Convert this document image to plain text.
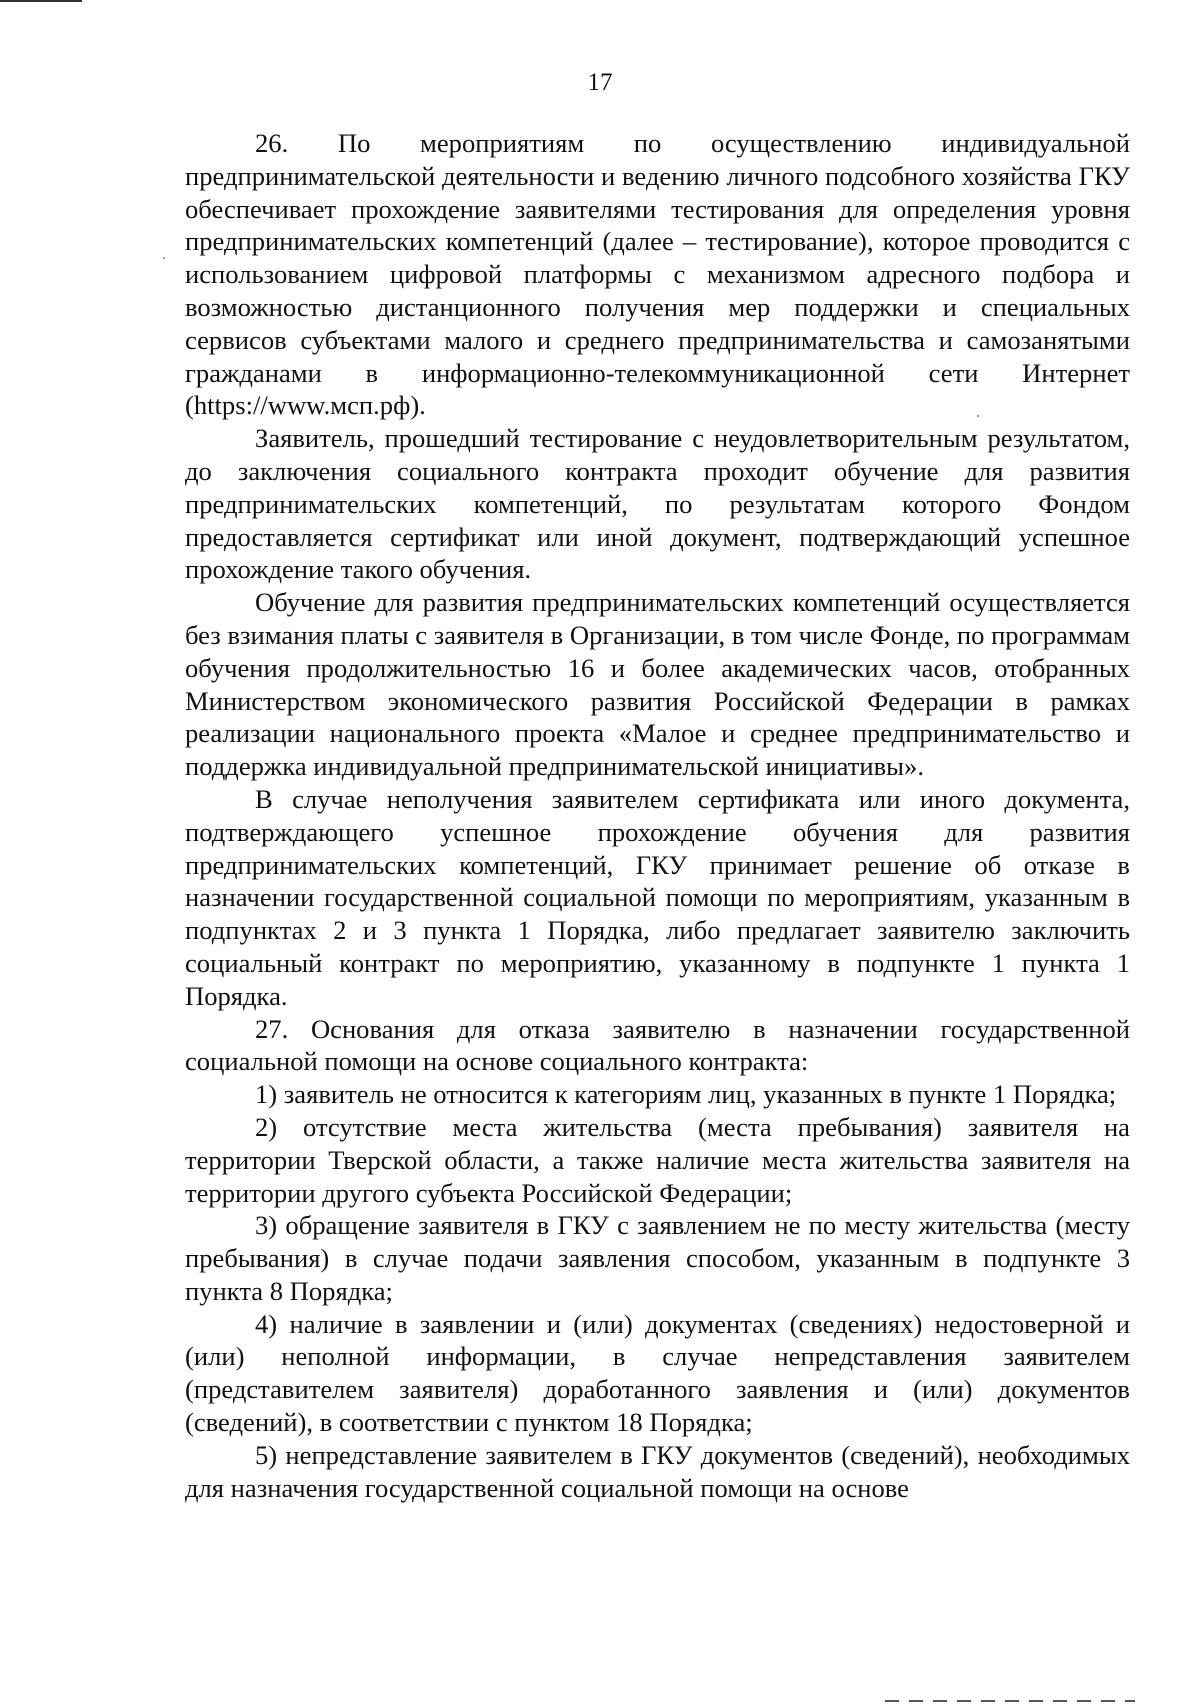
17

26. По мероприятиям по осуществлению индивидуальной предпринимательской деятельности и ведению личного подсобного хозяйства ГКУ обеспечивает прохождение заявителями тестирования для определения уровня предпринимательских компетенций (далее – тестирование), которое проводится с использованием цифровой платформы с механизмом адресного подбора и возможностью дистанционного получения мер поддержки и специальных сервисов субъектами малого и среднего предпринимательства и самозанятыми гражданами в информационно-телекоммуникационной сети Интернет (https://www.мсп.рф).

Заявитель, прошедший тестирование с неудовлетворительным результатом, до заключения социального контракта проходит обучение для развития предпринимательских компетенций, по результатам которого Фондом предоставляется сертификат или иной документ, подтверждающий успешное прохождение такого обучения.

Обучение для развития предпринимательских компетенций осуществляется без взимания платы с заявителя в Организации, в том числе Фонде, по программам обучения продолжительностью 16 и более академических часов, отобранных Министерством экономического развития Российской Федерации в рамках реализации национального проекта «Малое и среднее предпринимательство и поддержка индивидуальной предпринимательской инициативы».

В случае неполучения заявителем сертификата или иного документа, подтверждающего успешное прохождение обучения для развития предпринимательских компетенций, ГКУ принимает решение об отказе в назначении государственной социальной помощи по мероприятиям, указанным в подпунктах 2 и 3 пункта 1 Порядка, либо предлагает заявителю заключить социальный контракт по мероприятию, указанному в подпункте 1 пункта 1 Порядка.

27. Основания для отказа заявителю в назначении государственной социальной помощи на основе социального контракта:

1) заявитель не относится к категориям лиц, указанных в пункте 1 Порядка;

2) отсутствие места жительства (места пребывания) заявителя на территории Тверской области, а также наличие места жительства заявителя на территории другого субъекта Российской Федерации;

3) обращение заявителя в ГКУ с заявлением не по месту жительства (месту пребывания) в случае подачи заявления способом, указанным в подпункте 3 пункта 8 Порядка;

4) наличие в заявлении и (или) документах (сведениях) недостоверной и (или) неполной информации, в случае непредставления заявителем (представителем заявителя) доработанного заявления и (или) документов (сведений), в соответствии с пунктом 18 Порядка;

5) непредставление заявителем в ГКУ документов (сведений), необходимых для назначения государственной социальной помощи на основе
